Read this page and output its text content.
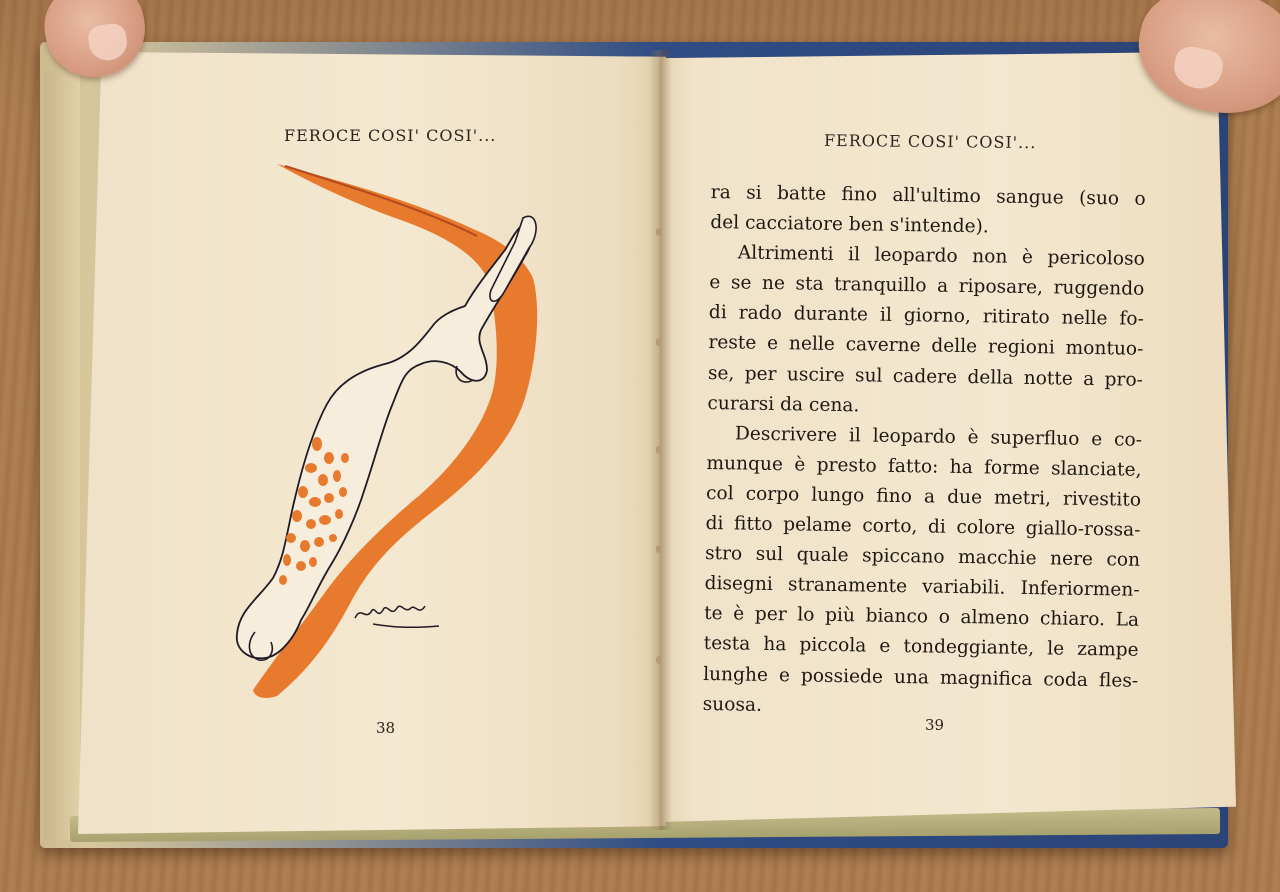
FEROCE COSI' COSI'...	FEROCE COSI' COSI'...
ra si batte fino all'ultimo sangue (suo o
del cacciatore ben s'intende).
Altrimenti il leopardo non è pericoloso
e se ne sta tranquillo a riposare, ruggendo
di rado durante il giorno, ritirato nelle fo-
reste e nelle caverne delle regioni montuo-
se, per uscire sul cadere della notte a pro-
curarsi da cena.
Descrivere il leopardo è superfluo e co-
munque è presto fatto: ha forme slanciate,
col corpo lungo fino a due metri, rivestito
di fitto pelame corto, di colore giallo-rossa-
stro sul quale spiccano macchie nere con
disegni stranamente variabili. Inferiormen-
te è per lo più bianco o almeno chiaro. La
testa ha piccola e tondeggiante, le zampe
lunghe e possiede una magnifica coda fles-
suosa.
38	39
